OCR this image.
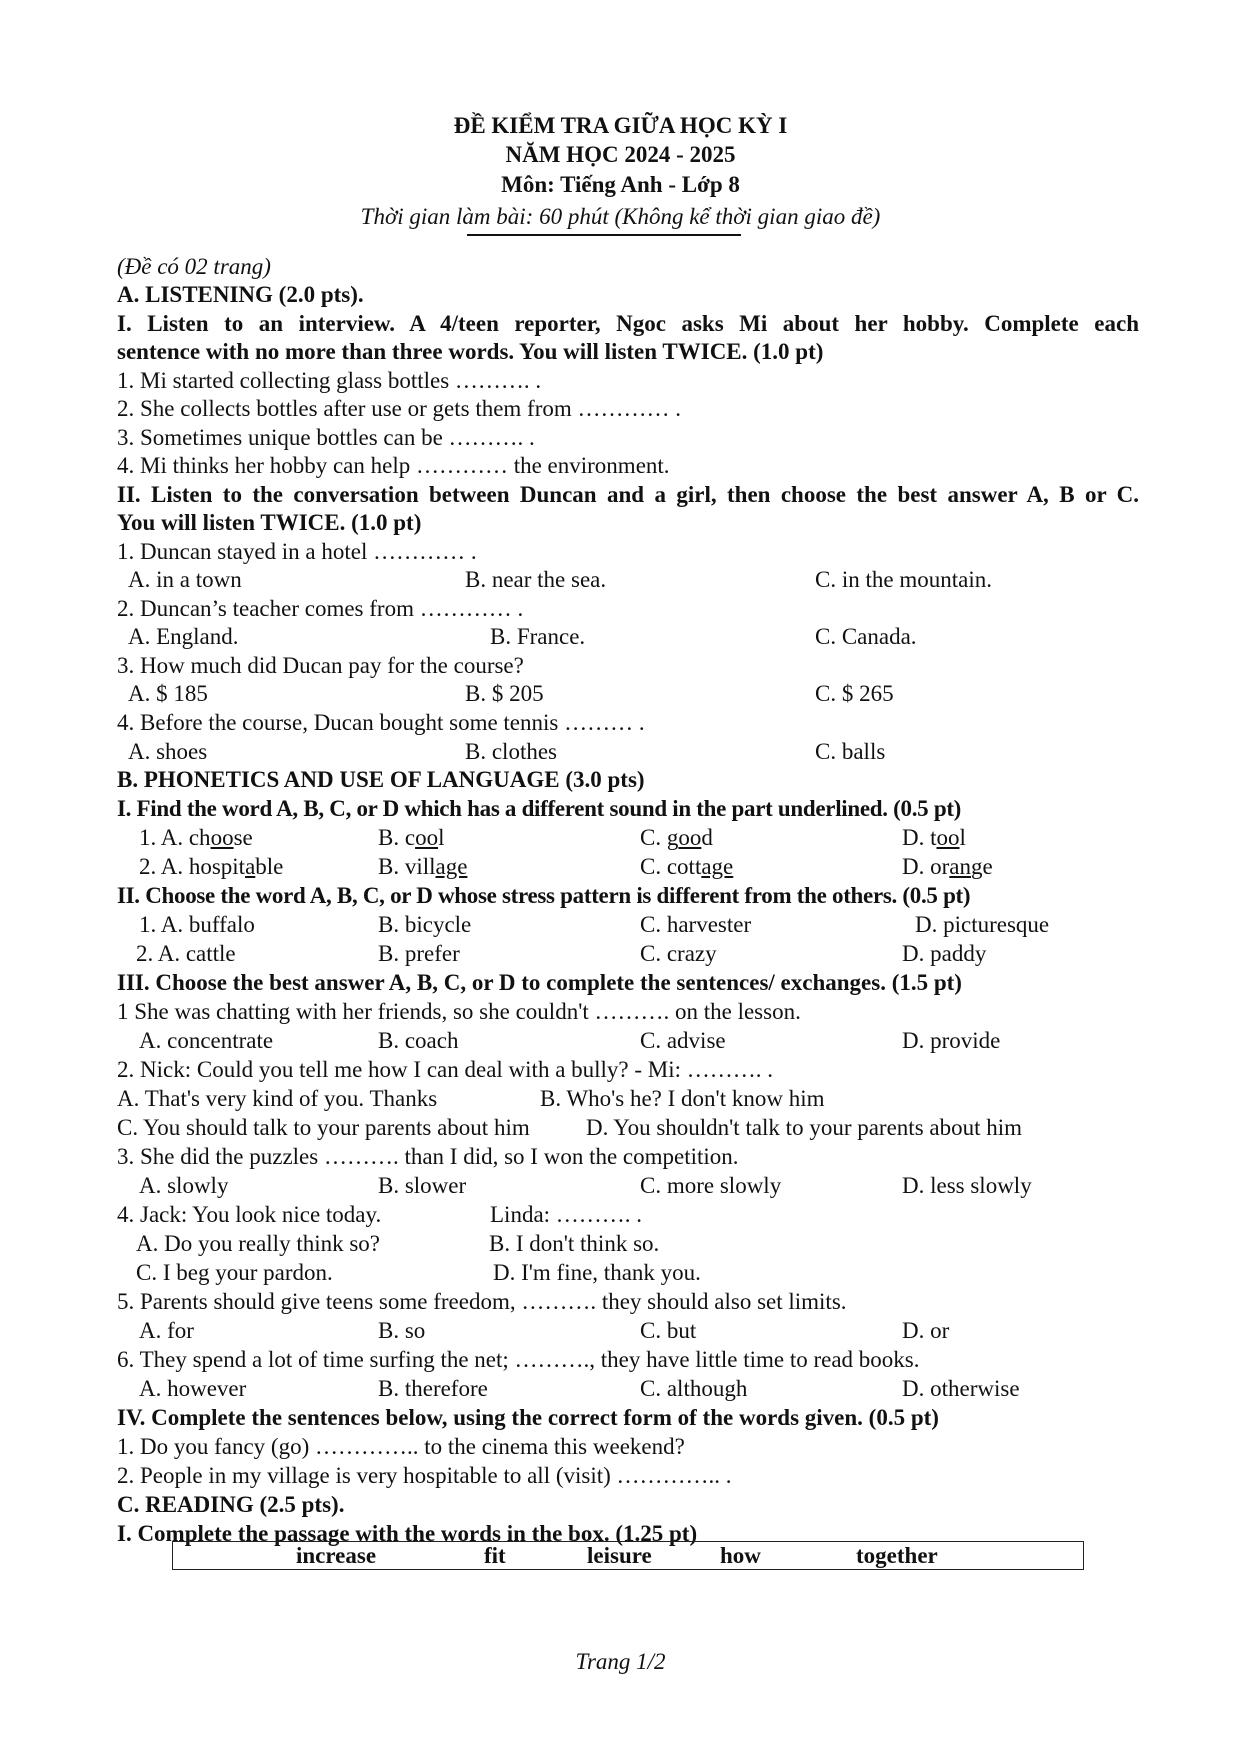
ĐỀ KIỂM TRA GIỮA HỌC KỲ I
NĂM HỌC 2024 - 2025
Môn: Tiếng Anh - Lớp 8
Thời gian làm bài: 60 phút (Không kể thời gian giao đề)
(Đề có 02 trang)
A. LISTENING (2.0 pts).
I. Listen to an interview. A 4/teen reporter, Ngoc asks Mi about her hobby. Complete each
sentence with no more than three words. You will listen TWICE. (1.0 pt)
1. Mi started collecting glass bottles ………. .
2. She collects bottles after use or gets them from ………… .
3. Sometimes unique bottles can be ………. .
4. Mi thinks her hobby can help ………… the environment.
II. Listen to the conversation between Duncan and a girl, then choose the best answer A, B or C.
You will listen TWICE. (1.0 pt)
1. Duncan stayed in a hotel ………… .
A. in a town	B. near the sea.	C. in the mountain.
2. Duncan’s teacher comes from ………… .
A. England.	B. France.	C. Canada.
3. How much did Ducan pay for the course?
A. $ 185	B. $ 205	C. $ 265
4. Before the course, Ducan bought some tennis ……… .
A. shoes	B. clothes	C. balls
B. PHONETICS AND USE OF LANGUAGE (3.0 pts)
I. Find the word A, B, C, or D which has a different sound in the part underlined. (0.5 pt)
1. A. choose	B. cool	C. good	D. tool
2. A. hospitable	B. village	C. cottage	D. orange
II. Choose the word A, B, C, or D whose stress pattern is different from the others. (0.5 pt)
1. A. buffalo	B. bicycle	C. harvester	D. picturesque
2. A. cattle	B. prefer	C. crazy	D. paddy
III. Choose the best answer A, B, C, or D to complete the sentences/ exchanges. (1.5 pt)
1 She was chatting with her friends, so she couldn't ………. on the lesson.
A. concentrate	B. coach	C. advise	D. provide
2. Nick: Could you tell me how I can deal with a bully? - Mi: ………. .
A. That's very kind of you. Thanks	B. Who's he? I don't know him
C. You should talk to your parents about him D. You shouldn't talk to your parents about him
3. She did the puzzles ………. than I did, so I won the competition.
A. slowly	B. slower	C. more slowly	D. less slowly
4. Jack: You look nice today.	Linda: ………. .
A. Do you really think so?	B. I don't think so.
C. I beg your pardon.	D. I'm fine, thank you.
5. Parents should give teens some freedom, ………. they should also set limits.
A. for	B. so	C. but	D. or
6. They spend a lot of time surfing the net; ………., they have little time to read books.
A. however	B. therefore	C. although	D. otherwise
IV. Complete the sentences below, using the correct form of the words given. (0.5 pt)
1. Do you fancy (go) ………….. to the cinema this weekend?
2. People in my village is very hospitable to all (visit) ………….. .
C. READING (2.5 pts).
I. Complete the passage with the words in the box. (1.25 pt)
increase	fit	leisure	how	together
Trang 1/2
